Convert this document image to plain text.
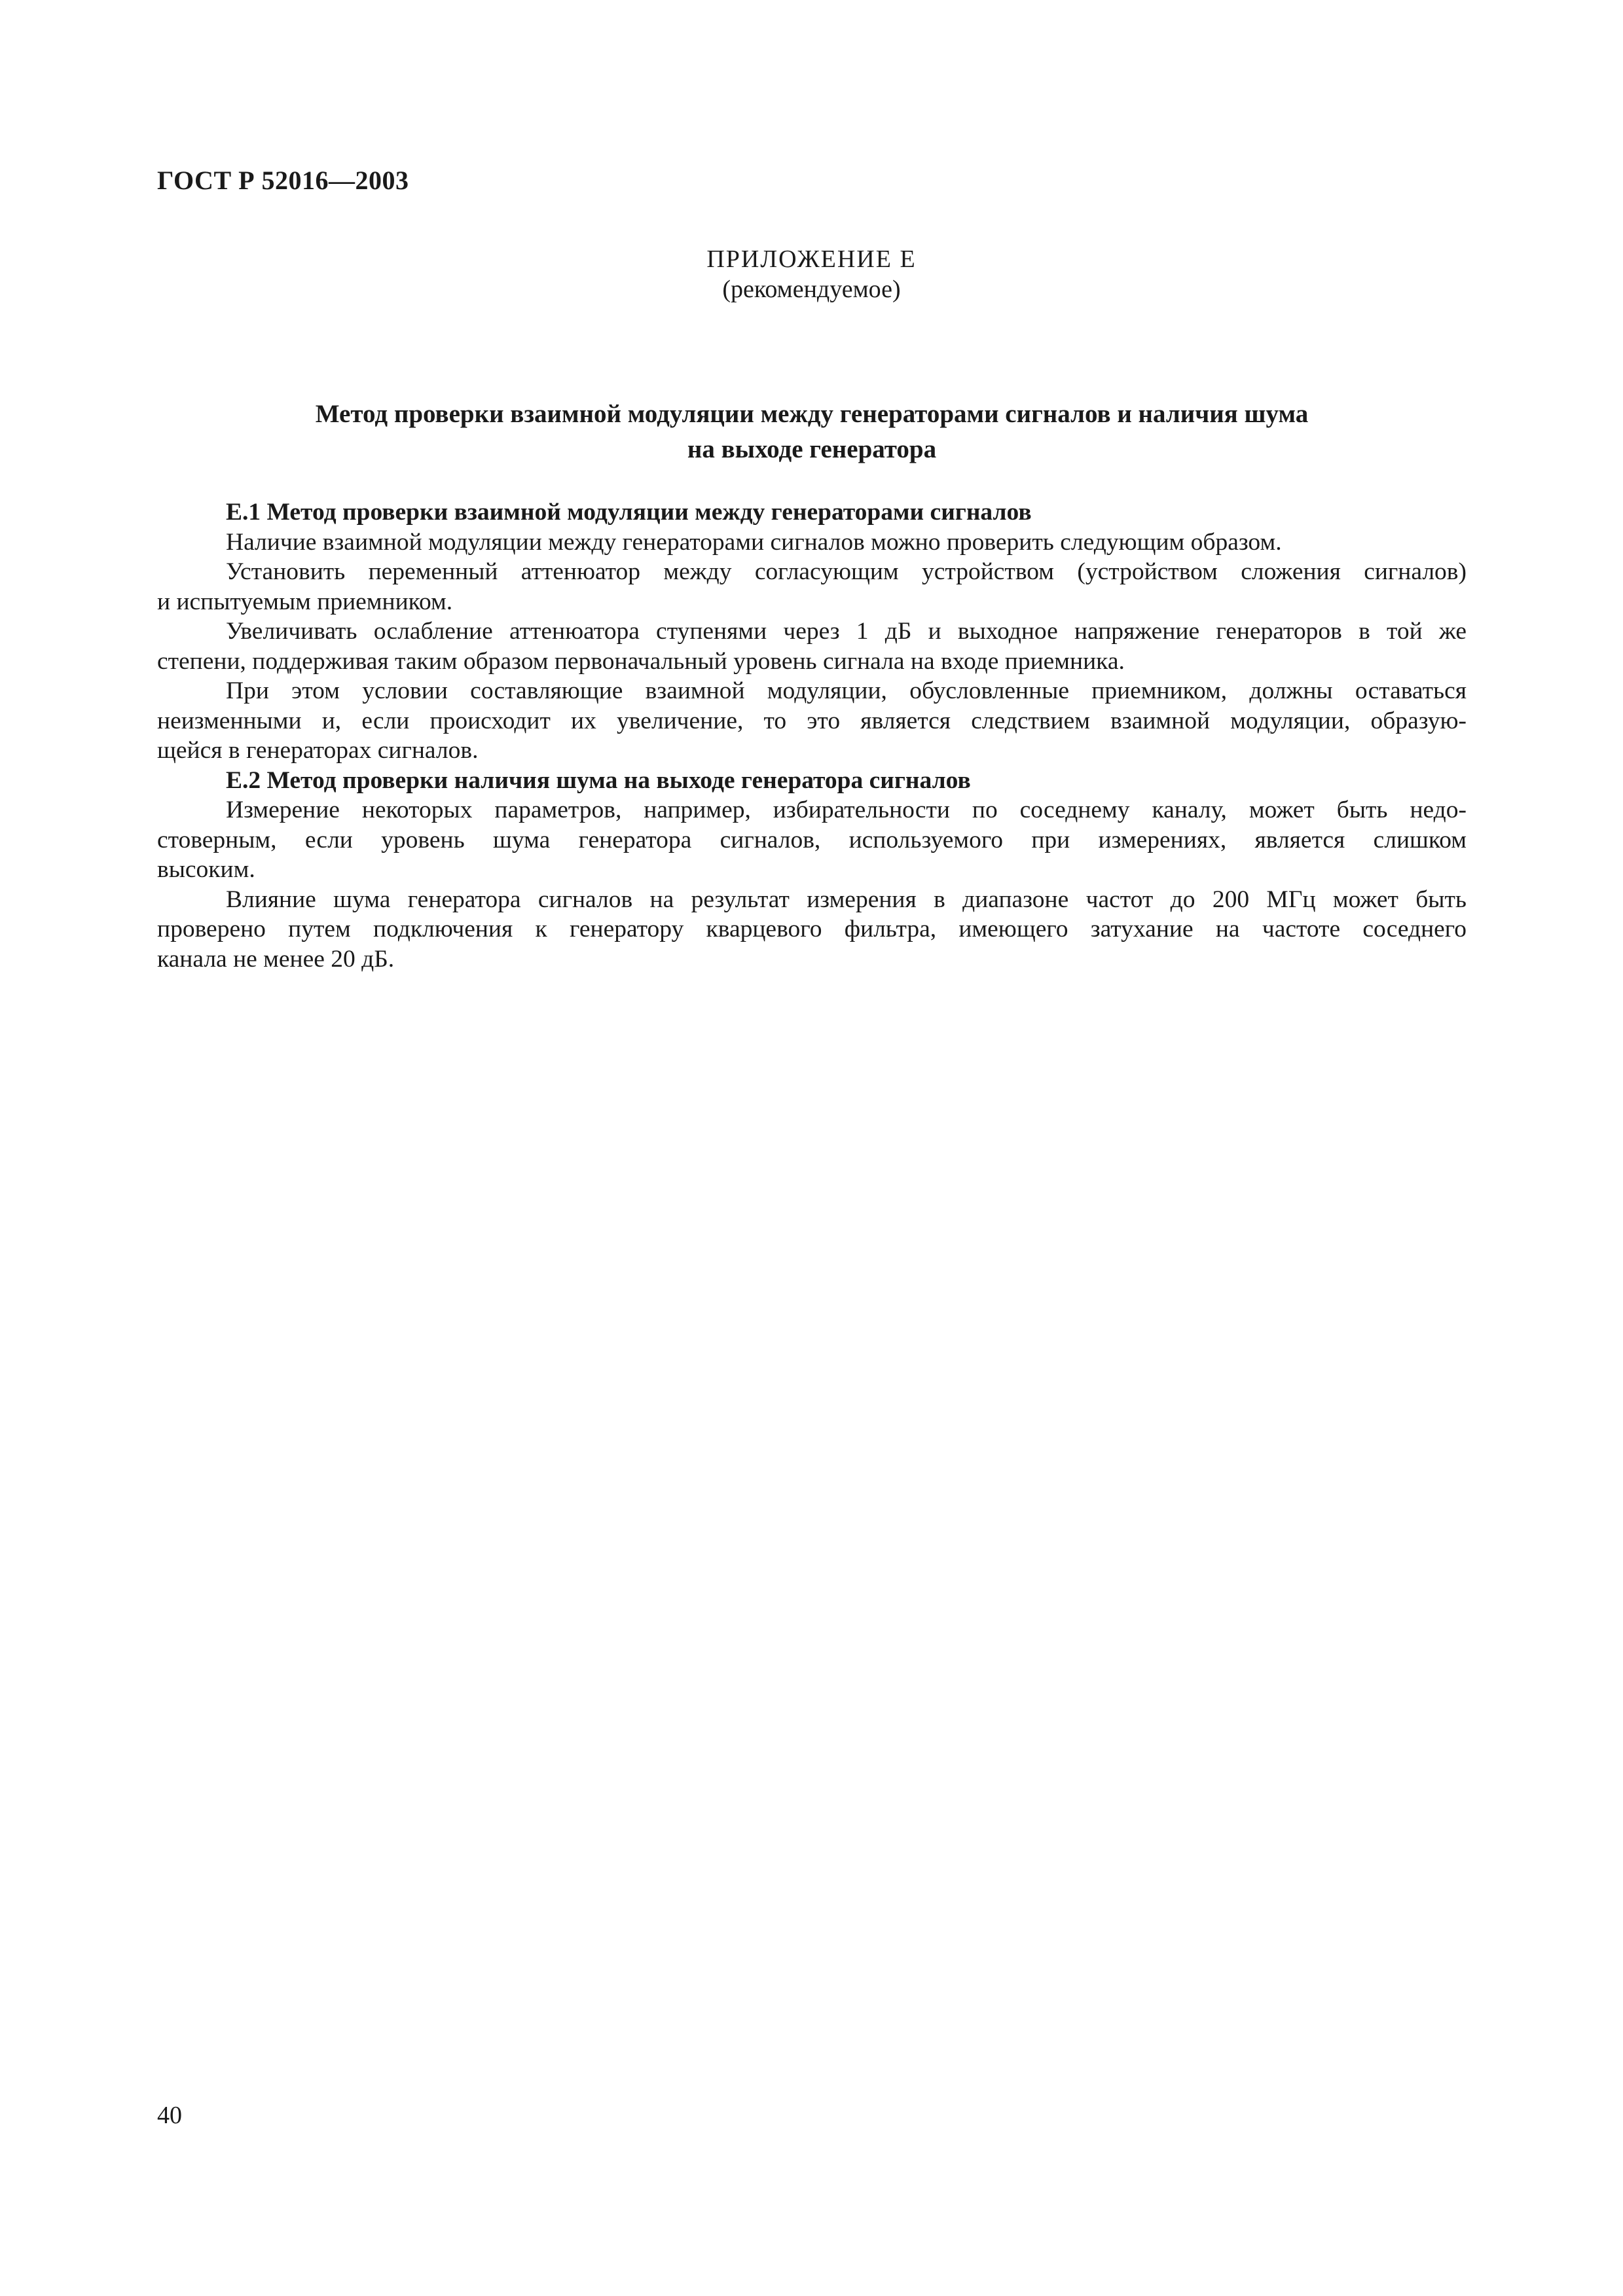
ГОСТ Р 52016—2003
ПРИЛОЖЕНИЕ Е
(рекомендуемое)
Метод проверки взаимной модуляции между генераторами сигналов и наличия шума
на выходе генератора

Е.1 Метод проверки взаимной модуляции между генераторами сигналов

Наличие взаимной модуляции между генераторами сигналов можно проверить следующим образом.
Установить переменный аттенюатор между согласующим устройством (устройством сложения сигналов)
и испытуемым приемником.
Увеличивать ослабление аттенюатора ступенями через 1 дБ и выходное напряжение генераторов в той же
степени, поддерживая таким образом первоначальный уровень сигнала на входе приемника.
При этом условии составляющие взаимной модуляции, обусловленные приемником, должны оставаться
неизменными и, если происходит их увеличение, то это является следствием взаимной модуляции, образую-
щейся в генераторах сигналов.

Е.2 Метод проверки наличия шума на выходе генератора сигналов

Измерение некоторых параметров, например, избирательности по соседнему каналу, может быть недо-
стоверным, если уровень шума генератора сигналов, используемого при измерениях, является слишком
высоким.
Влияние шума генератора сигналов на результат измерения в диапазоне частот до 200 МГц может быть
проверено путем подключения к генератору кварцевого фильтра, имеющего затухание на частоте соседнего
канала не менее 20 дБ.
40
